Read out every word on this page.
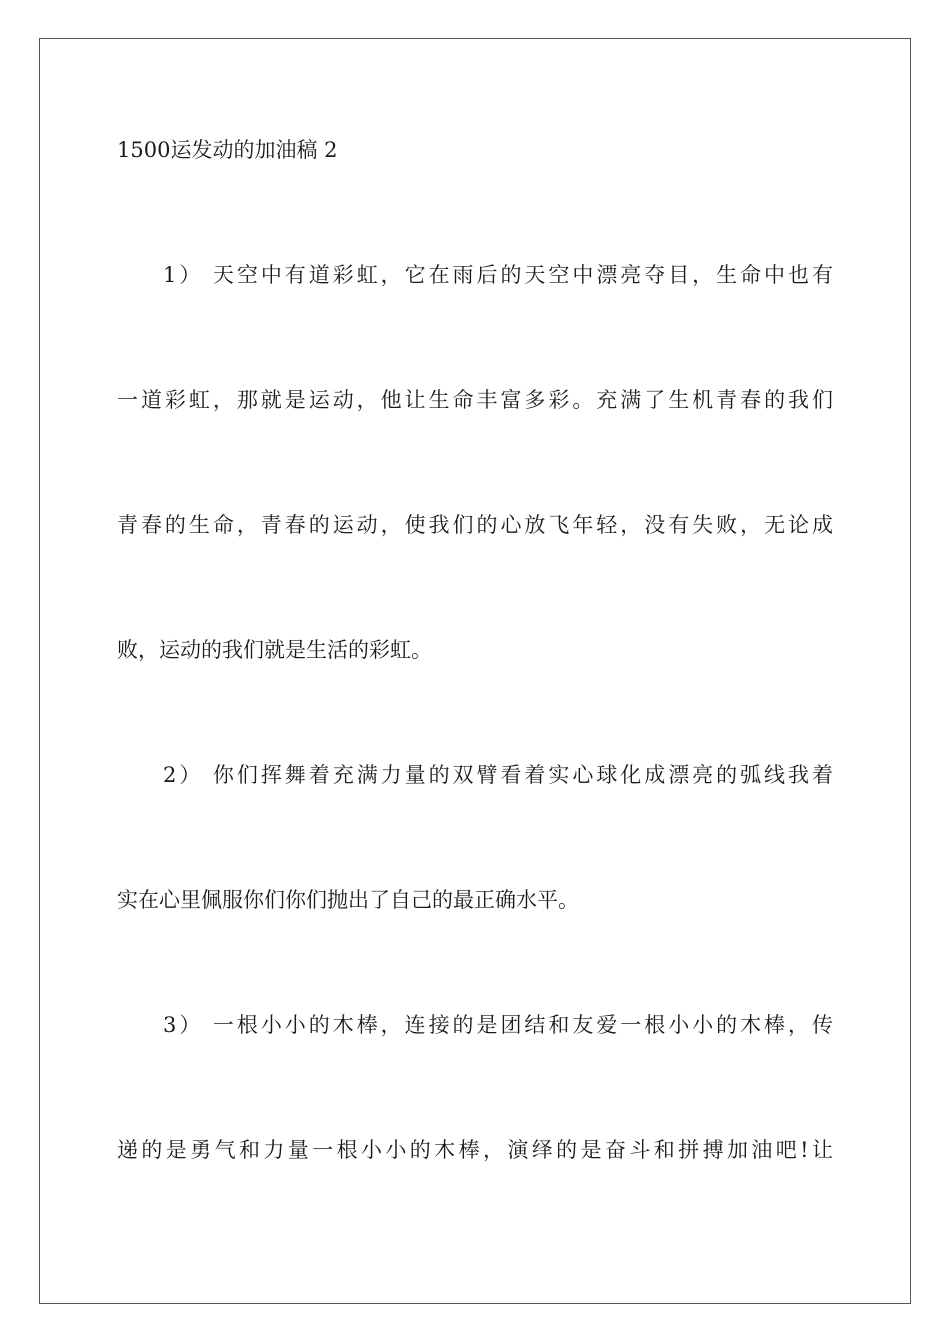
1500运发动的加油稿 2
1） 天空中有道彩虹，它在雨后的天空中漂亮夺目，生命中也有
一道彩虹，那就是运动，他让生命丰富多彩。充满了生机青春的我们
青春的生命，青春的运动，使我们的心放飞年轻，没有失败，无论成
败，运动的我们就是生活的彩虹。
2） 你们挥舞着充满力量的双臂看着实心球化成漂亮的弧线我着
实在心里佩服你们你们抛出了自己的最正确水平。
3） 一根小小的木棒，连接的是团结和友爱一根小小的木棒，传
递的是勇气和力量一根小小的木棒，演绎的是奋斗和拼搏加油吧!让
